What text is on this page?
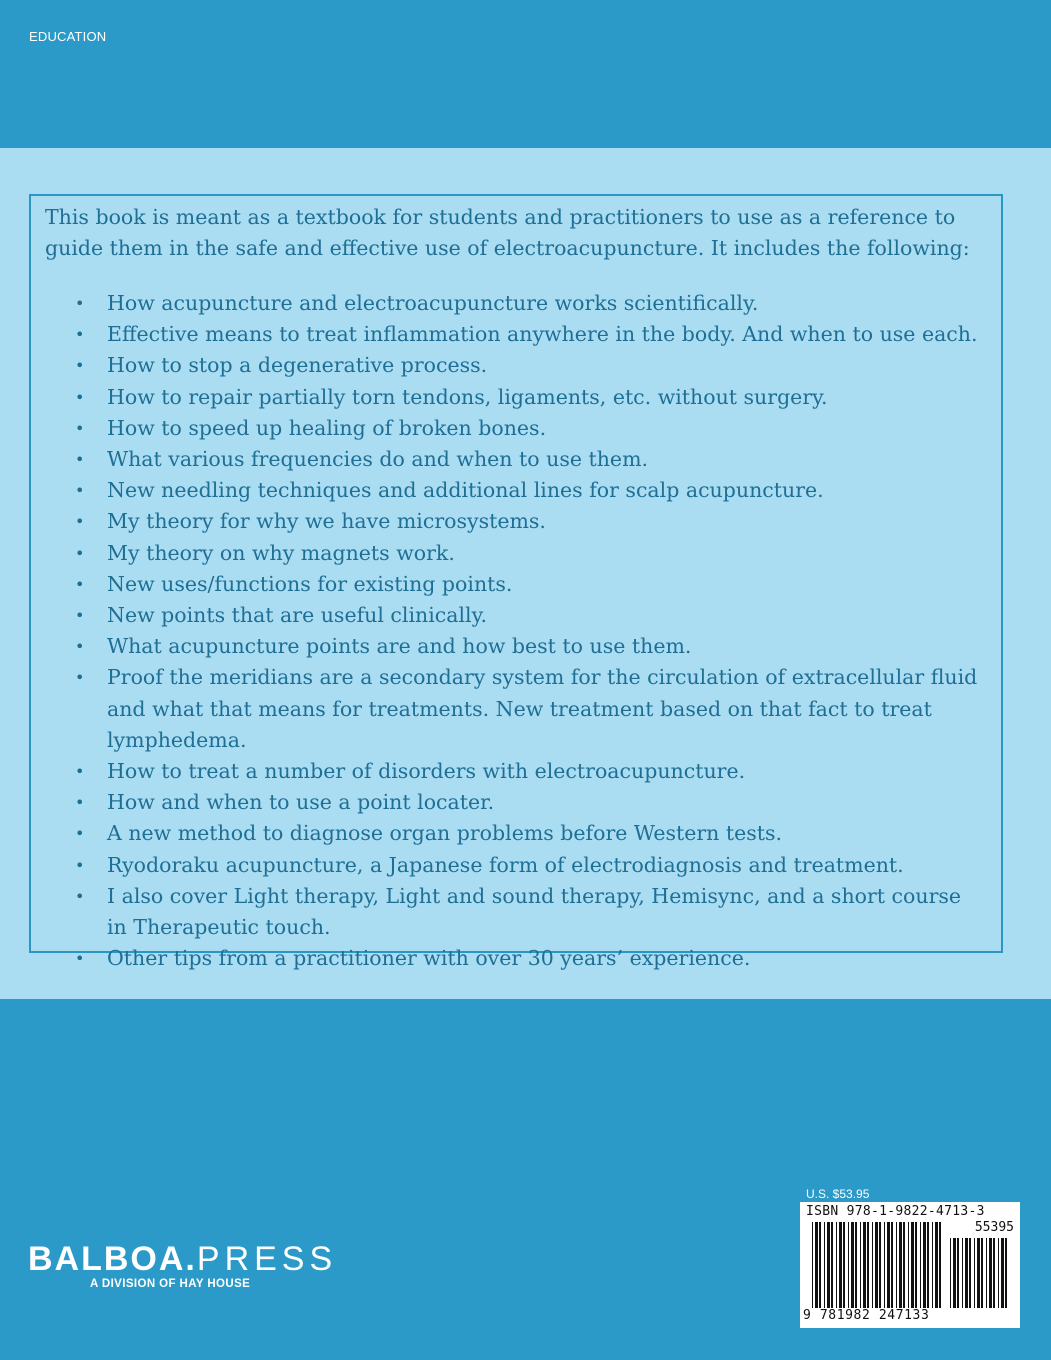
EDUCATION

This book is meant as a textbook for students and practitioners to use as a reference to guide them in the safe and effective use of electroacupuncture. It includes the following:

• How acupuncture and electroacupuncture works scientifically.
• Effective means to treat inflammation anywhere in the body. And when to use each.
• How to stop a degenerative process.
• How to repair partially torn tendons, ligaments, etc. without surgery.
• How to speed up healing of broken bones.
• What various frequencies do and when to use them.
• New needling techniques and additional lines for scalp acupuncture.
• My theory for why we have microsystems.
• My theory on why magnets work.
• New uses/functions for existing points.
• New points that are useful clinically.
• What acupuncture points are and how best to use them.
• Proof the meridians are a secondary system for the circulation of extracellular fluid and what that means for treatments. New treatment based on that fact to treat lymphedema.
• How to treat a number of disorders with electroacupuncture.
• How and when to use a point locater.
• A new method to diagnose organ problems before Western tests.
• Ryodoraku acupuncture, a Japanese form of electrodiagnosis and treatment.
• I also cover Light therapy, Light and sound therapy, Hemisync, and a short course in Therapeutic touch.
• Other tips from a practitioner with over 30 years’ experience.
U.S. $53.95
ISBN 978-1-9822-4713-3
55395
9 781982 247133
BALBOA.PRESS
A DIVISION OF HAY HOUSE
